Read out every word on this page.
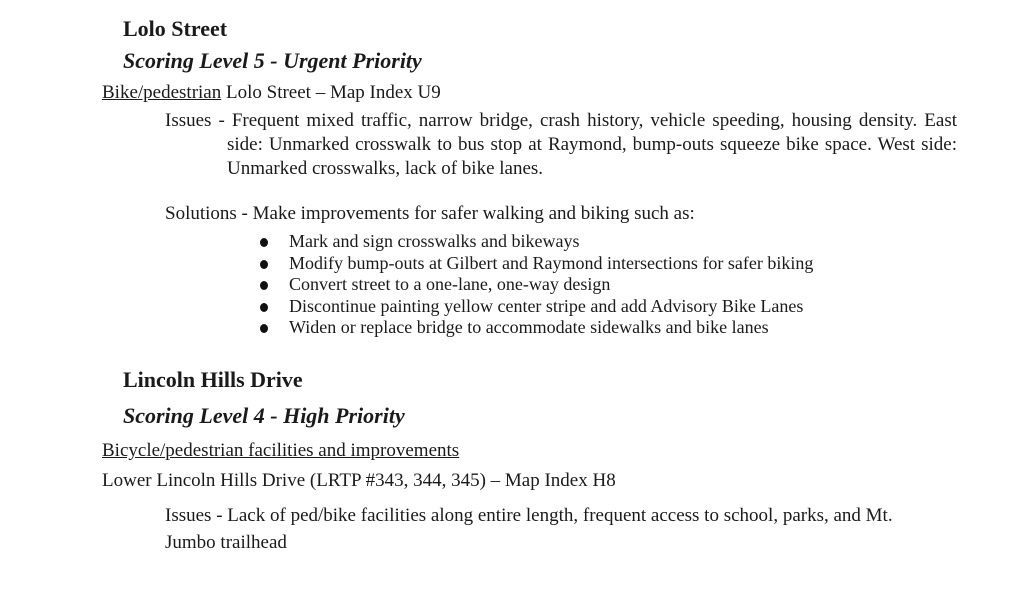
Lolo Street
Scoring Level 5 - Urgent Priority
Bike/pedestrian Lolo Street – Map Index U9
Issues - Frequent mixed traffic, narrow bridge, crash history, vehicle speeding, housing density. East side: Unmarked crosswalk to bus stop at Raymond, bump-outs squeeze bike space. West side: Unmarked crosswalks, lack of bike lanes.
Solutions - Make improvements for safer walking and biking such as:
Mark and sign crosswalks and bikeways
Modify bump-outs at Gilbert and Raymond intersections for safer biking
Convert street to a one-lane, one-way design
Discontinue painting yellow center stripe and add Advisory Bike Lanes
Widen or replace bridge to accommodate sidewalks and bike lanes
Lincoln Hills Drive
Scoring Level 4 - High Priority
Bicycle/pedestrian facilities and improvements
Lower Lincoln Hills Drive (LRTP #343, 344, 345) – Map Index H8
Issues - Lack of ped/bike facilities along entire length, frequent access to school, parks, and Mt. Jumbo trailhead
